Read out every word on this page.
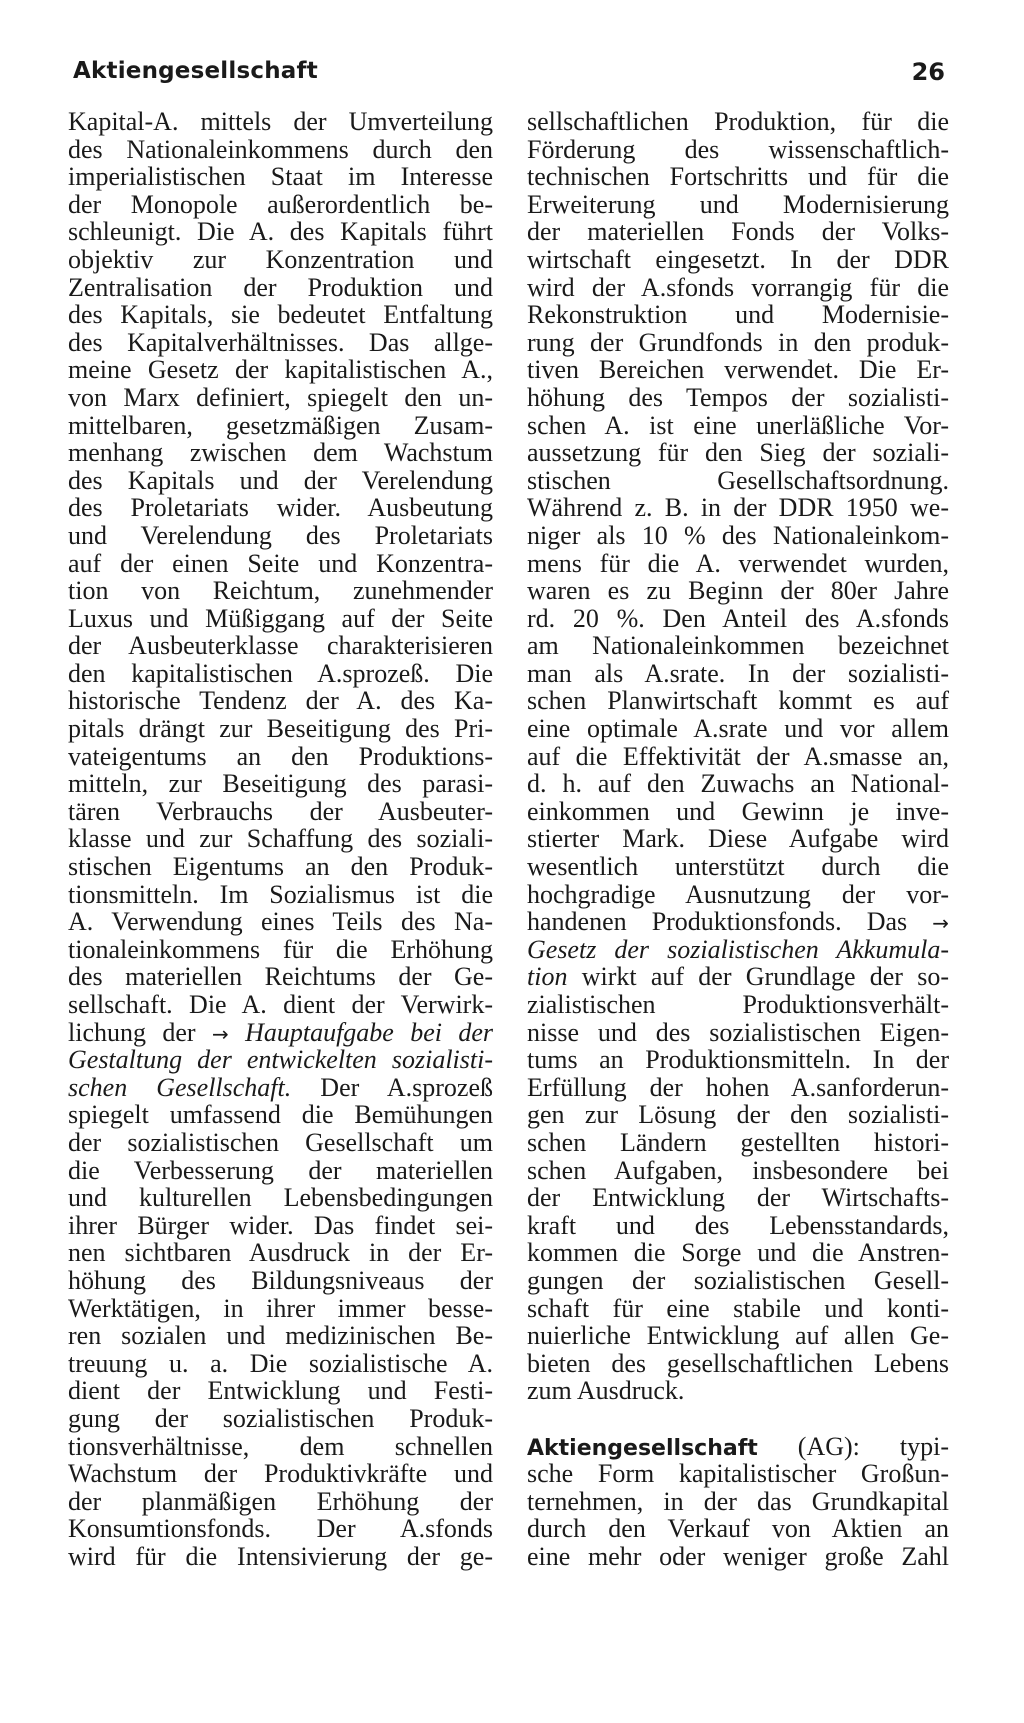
Aktiengesellschaft	26
Kapital-A. mittels der Umverteilung
des Nationaleinkommens durch den
imperialistischen Staat im Interesse
der Monopole außerordentlich be-
schleunigt. Die A. des Kapitals führt
objektiv zur Konzentration und
Zentralisation der Produktion und
des Kapitals, sie bedeutet Entfaltung
des Kapitalverhältnisses. Das allge-
meine Gesetz der kapitalistischen A.,
von Marx definiert, spiegelt den un-
mittelbaren, gesetzmäßigen Zusam-
menhang zwischen dem Wachstum
des Kapitals und der Verelendung
des Proletariats wider. Ausbeutung
und Verelendung des Proletariats
auf der einen Seite und Konzentra-
tion von Reichtum, zunehmender
Luxus und Müßiggang auf der Seite
der Ausbeuterklasse charakterisieren
den kapitalistischen A.sprozeß. Die
historische Tendenz der A. des Ka-
pitals drängt zur Beseitigung des Pri-
vateigentums an den Produktions-
mitteln, zur Beseitigung des parasi-
tären Verbrauchs der Ausbeuter-
klasse und zur Schaffung des soziali-
stischen Eigentums an den Produk-
tionsmitteln. Im Sozialismus ist die
A. Verwendung eines Teils des Na-
tionaleinkommens für die Erhöhung
des materiellen Reichtums der Ge-
sellschaft. Die A. dient der Verwirk-
lichung der → Hauptaufgabe bei der
Gestaltung der entwickelten sozialisti-
schen Gesellschaft. Der A.sprozeß
spiegelt umfassend die Bemühungen
der sozialistischen Gesellschaft um
die Verbesserung der materiellen
und kulturellen Lebensbedingungen
ihrer Bürger wider. Das findet sei-
nen sichtbaren Ausdruck in der Er-
höhung des Bildungsniveaus der
Werktätigen, in ihrer immer besse-
ren sozialen und medizinischen Be-
treuung u. a. Die sozialistische A.
dient der Entwicklung und Festi-
gung der sozialistischen Produk-
tionsverhältnisse, dem schnellen
Wachstum der Produktivkräfte und
der planmäßigen Erhöhung der
Konsumtionsfonds. Der A.sfonds
wird für die Intensivierung der ge-
sellschaftlichen Produktion, für die
Förderung des wissenschaftlich-
technischen Fortschritts und für die
Erweiterung und Modernisierung
der materiellen Fonds der Volks-
wirtschaft eingesetzt. In der DDR
wird der A.sfonds vorrangig für die
Rekonstruktion und Modernisie-
rung der Grundfonds in den produk-
tiven Bereichen verwendet. Die Er-
höhung des Tempos der sozialisti-
schen A. ist eine unerläßliche Vor-
aussetzung für den Sieg der soziali-
stischen Gesellschaftsordnung.
Während z. B. in der DDR 1950 we-
niger als 10 % des Nationaleinkom-
mens für die A. verwendet wurden,
waren es zu Beginn der 80er Jahre
rd. 20 %. Den Anteil des A.sfonds
am Nationaleinkommen bezeichnet
man als A.srate. In der sozialisti-
schen Planwirtschaft kommt es auf
eine optimale A.srate und vor allem
auf die Effektivität der A.smasse an,
d. h. auf den Zuwachs an National-
einkommen und Gewinn je inve-
stierter Mark. Diese Aufgabe wird
wesentlich unterstützt durch die
hochgradige Ausnutzung der vor-
handenen Produktionsfonds. Das →
Gesetz der sozialistischen Akkumula-
tion wirkt auf der Grundlage der so-
zialistischen Produktionsverhält-
nisse und des sozialistischen Eigen-
tums an Produktionsmitteln. In der
Erfüllung der hohen A.sanforderun-
gen zur Lösung der den sozialisti-
schen Ländern gestellten histori-
schen Aufgaben, insbesondere bei
der Entwicklung der Wirtschafts-
kraft und des Lebensstandards,
kommen die Sorge und die Anstren-
gungen der sozialistischen Gesell-
schaft für eine stabile und konti-
nuierliche Entwicklung auf allen Ge-
bieten des gesellschaftlichen Lebens
zum Ausdruck.
Aktiengesellschaft (AG): typi-
sche Form kapitalistischer Großun-
ternehmen, in der das Grundkapital
durch den Verkauf von Aktien an
eine mehr oder weniger große Zahl
